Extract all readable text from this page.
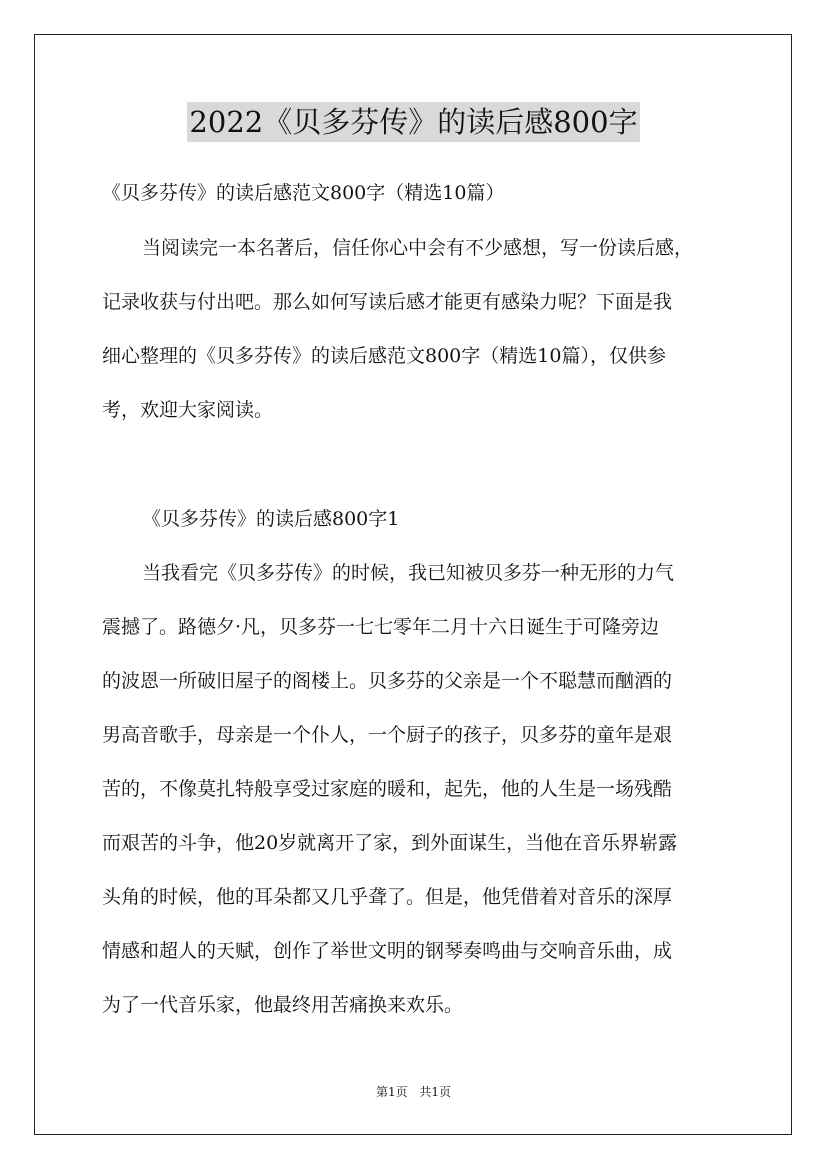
2022《贝多芬传》的读后感800字
《贝多芬传》的读后感范文800字（精选10篇）
当阅读完一本名著后，信任你心中会有不少感想，写一份读后感，
记录收获与付出吧。那么如何写读后感才能更有感染力呢？下面是我
细心整理的《贝多芬传》的读后感范文800字（精选10篇），仅供参
考，欢迎大家阅读。
《贝多芬传》的读后感800字1
当我看完《贝多芬传》的时候，我已知被贝多芬一种无形的力气
震撼了。路德夕·凡，贝多芬一七七零年二月十六日诞生于可隆旁边
的波恩一所破旧屋子的阁楼上。贝多芬的父亲是一个不聪慧而酗酒的
男高音歌手，母亲是一个仆人，一个厨子的孩子，贝多芬的童年是艰
苦的，不像莫扎特般享受过家庭的暖和，起先，他的人生是一场残酷
而艰苦的斗争，他20岁就离开了家，到外面谋生，当他在音乐界崭露
头角的时候，他的耳朵都又几乎聋了。但是，他凭借着对音乐的深厚
情感和超人的天赋，创作了举世文明的钢琴奏鸣曲与交响音乐曲，成
为了一代音乐家，他最终用苦痛换来欢乐。
第1页 共1页
